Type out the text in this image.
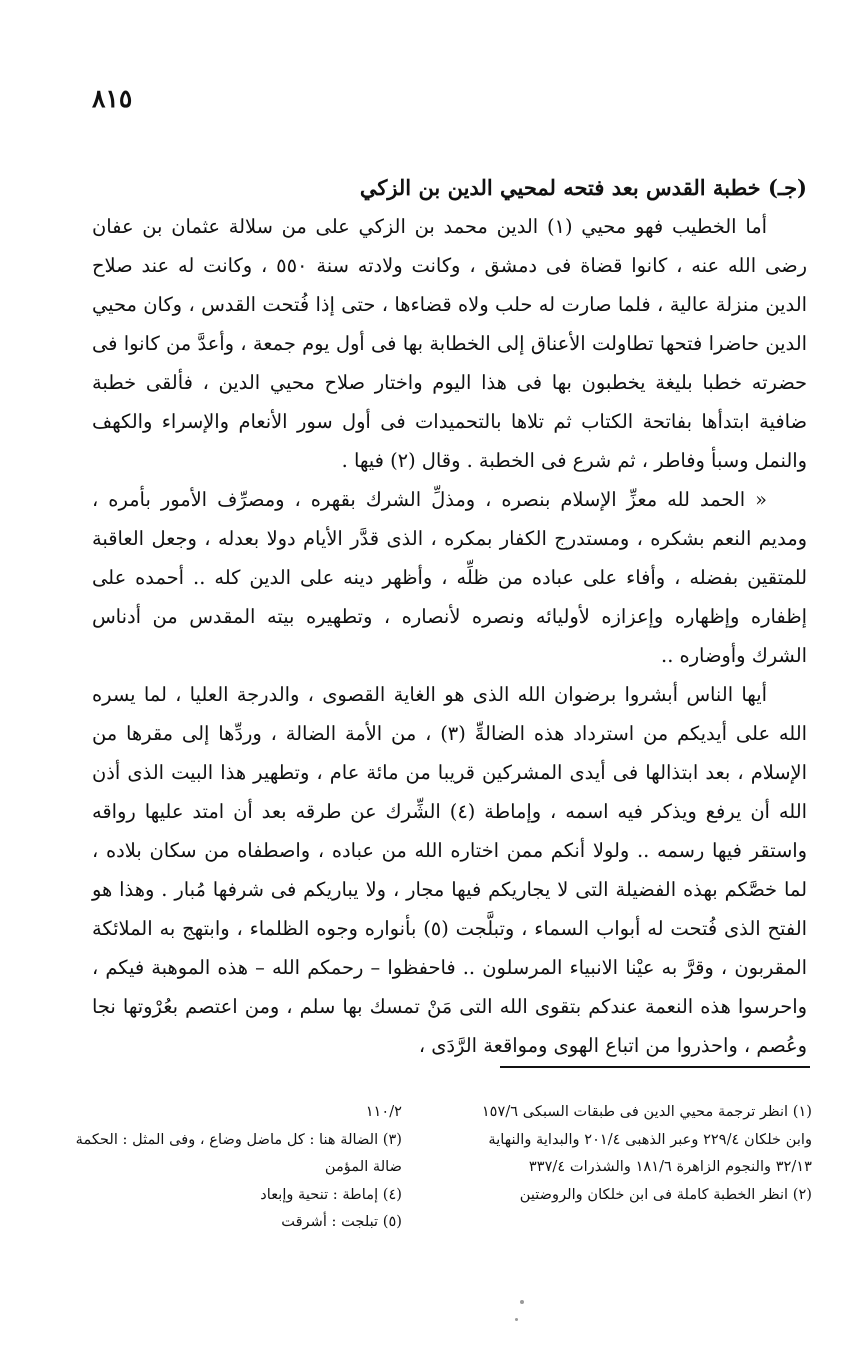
٨١٥

(جـ) خطبة القدس بعد فتحه لمحيي الدين بن الزكي

أما الخطيب فهو محيي (١) الدين محمد بن الزكي على من سلالة عثمان بن عفان رضى الله عنه ، كانوا قضاة فى دمشق ، وكانت ولادته سنة ٥٥٠ ، وكانت له عند صلاح الدين منزلة عالية ، فلما صارت له حلب ولاه قضاءها ، حتى إذا فُتحت القدس ، وكان محيي الدين حاضرا فتحها تطاولت الأعناق إلى الخطابة بها فى أول يوم جمعة ، وأعدَّ من كانوا فى حضرته خطبا بليغة يخطبون بها فى هذا اليوم واختار صلاح محيي الدين ، فألقى خطبة ضافية ابتدأها بفاتحة الكتاب ثم تلاها بالتحميدات فى أول سور الأنعام والإسراء والكهف والنمل وسبأ وفاطر ، ثم شرع فى الخطبة . وقال (٢) فيها .

« الحمد لله معزِّ الإسلام بنصره ، ومذلِّ الشرك بقهره ، ومصرِّف الأمور بأمره ، ومديم النعم بشكره ، ومستدرج الكفار بمكره ، الذى قدَّر الأيام دولا بعدله ، وجعل العاقبة للمتقين بفضله ، وأفاء على عباده من ظلِّه ، وأظهر دينه على الدين كله .. أحمده على إظفاره وإظهاره وإعزازه لأوليائه ونصره لأنصاره ، وتطهيره بيته المقدس من أدناس الشرك وأوضاره ..

أيها الناس أبشروا برضوان الله الذى هو الغاية القصوى ، والدرجة العليا ، لما يسره الله على أيديكم من استرداد هذه الضالةِّ (٣) ، من الأمة الضالة ، وردِّها إلى مقرها من الإسلام ، بعد ابتذالها فى أيدى المشركين قريبا من مائة عام ، وتطهير هذا البيت الذى أذن الله أن يرفع ويذكر فيه اسمه ، وإماطة (٤) الشِّرك عن طرقه بعد أن امتد عليها رواقه واستقر فيها رسمه .. ولولا أنكم ممن اختاره الله من عباده ، واصطفاه من سكان بلاده ، لما خصَّكم بهذه الفضيلة التى لا يجاريكم فيها مجار ، ولا يباريكم فى شرفها مُبار . وهذا هو الفتح الذى فُتحت له أبواب السماء ، وتبلَّجت (٥) بأنواره وجوه الظلماء ، وابتهج به الملائكة المقربون ، وقرَّ به عيْنا الانبياء المرسلون .. فاحفظوا – رحمكم الله – هذه الموهبة فيكم ، واحرسوا هذه النعمة عندكم بتقوى الله التى مَنْ تمسك بها سلم ، ومن اعتصم بعُرْوتها نجا وعُصم ، واحذروا من اتباع الهوى ومواقعة الرَّدَى ،

(١) انظر ترجمة محيي الدين فى طبقات السبكى ١٥٧/٦ وابن خلكان ٢٢٩/٤ وعبر الذهبى ٢٠١/٤ والبداية والنهاية ٣٢/١٣ والنجوم الزاهرة ١٨١/٦ والشذرات ٣٣٧/٤

(٢) انظر الخطبة كاملة فى ابن خلكان والروضتين

١١٠/٢

(٣) الضالة هنا : كل ماضل وضاع ، وفى المثل : الحكمة ضالة المؤمن

(٤) إماطة : تنحية وإبعاد

(٥) تبلجت : أشرقت
